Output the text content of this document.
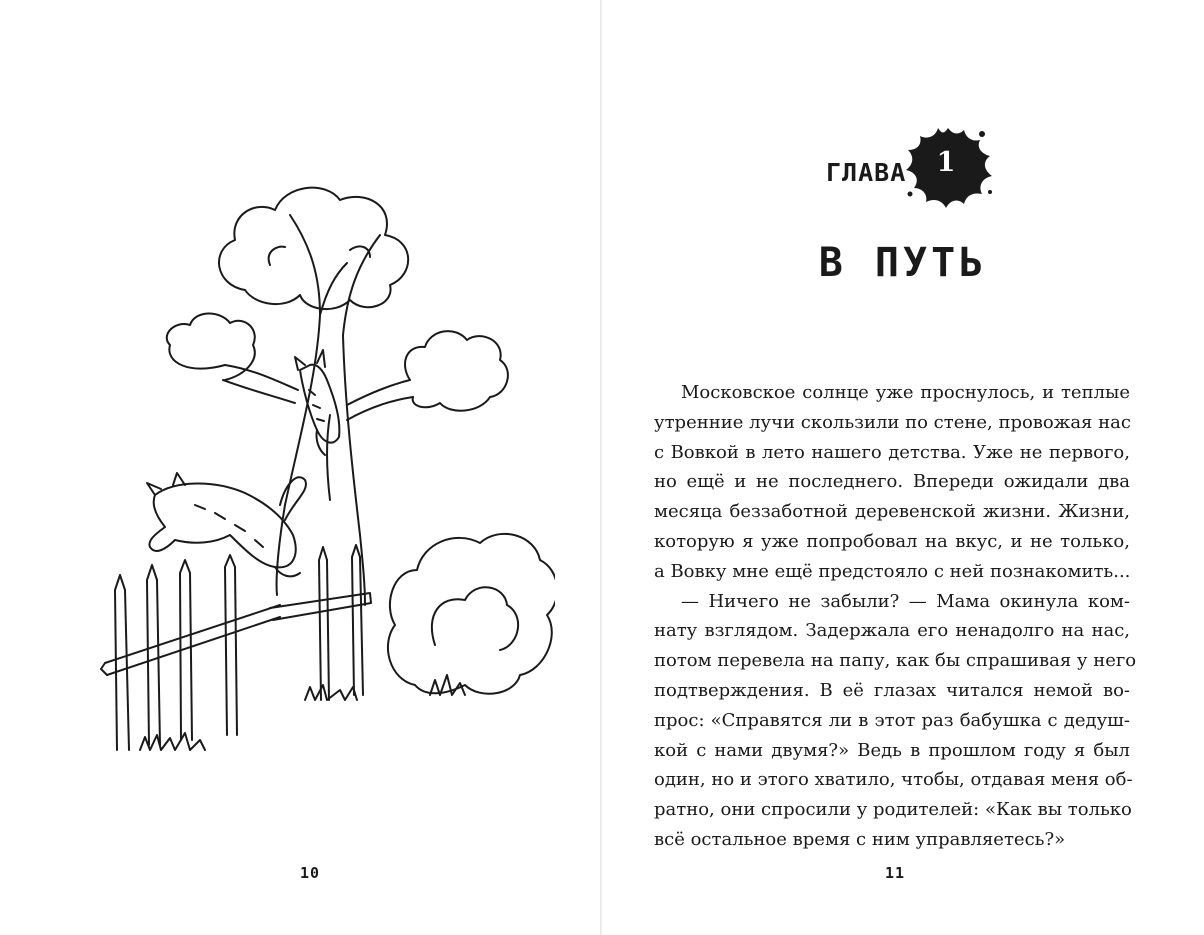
10
ГЛАВА 1
В ПУТЬ
Московское солнце уже проснулось, и теплые
утренние лучи скользили по стене, провожая нас
с Вовкой в лето нашего детства. Уже не первого,
но ещё и не последнего. Впереди ожидали два
месяца беззаботной деревенской жизни. Жизни,
которую я уже попробовал на вкус, и не только,
а Вовку мне ещё предстояло с ней познакомить...
— Ничего не забыли? — Мама окинула ком-
нату взглядом. Задержала его ненадолго на нас,
потом перевела на папу, как бы спрашивая у него
подтверждения. В её глазах читался немой во-
прос: «Справятся ли в этот раз бабушка с дедуш-
кой с нами двумя?» Ведь в прошлом году я был
один, но и этого хватило, чтобы, отдавая меня об-
ратно, они спросили у родителей: «Как вы только
всё остальное время с ним управляетесь?»
11
